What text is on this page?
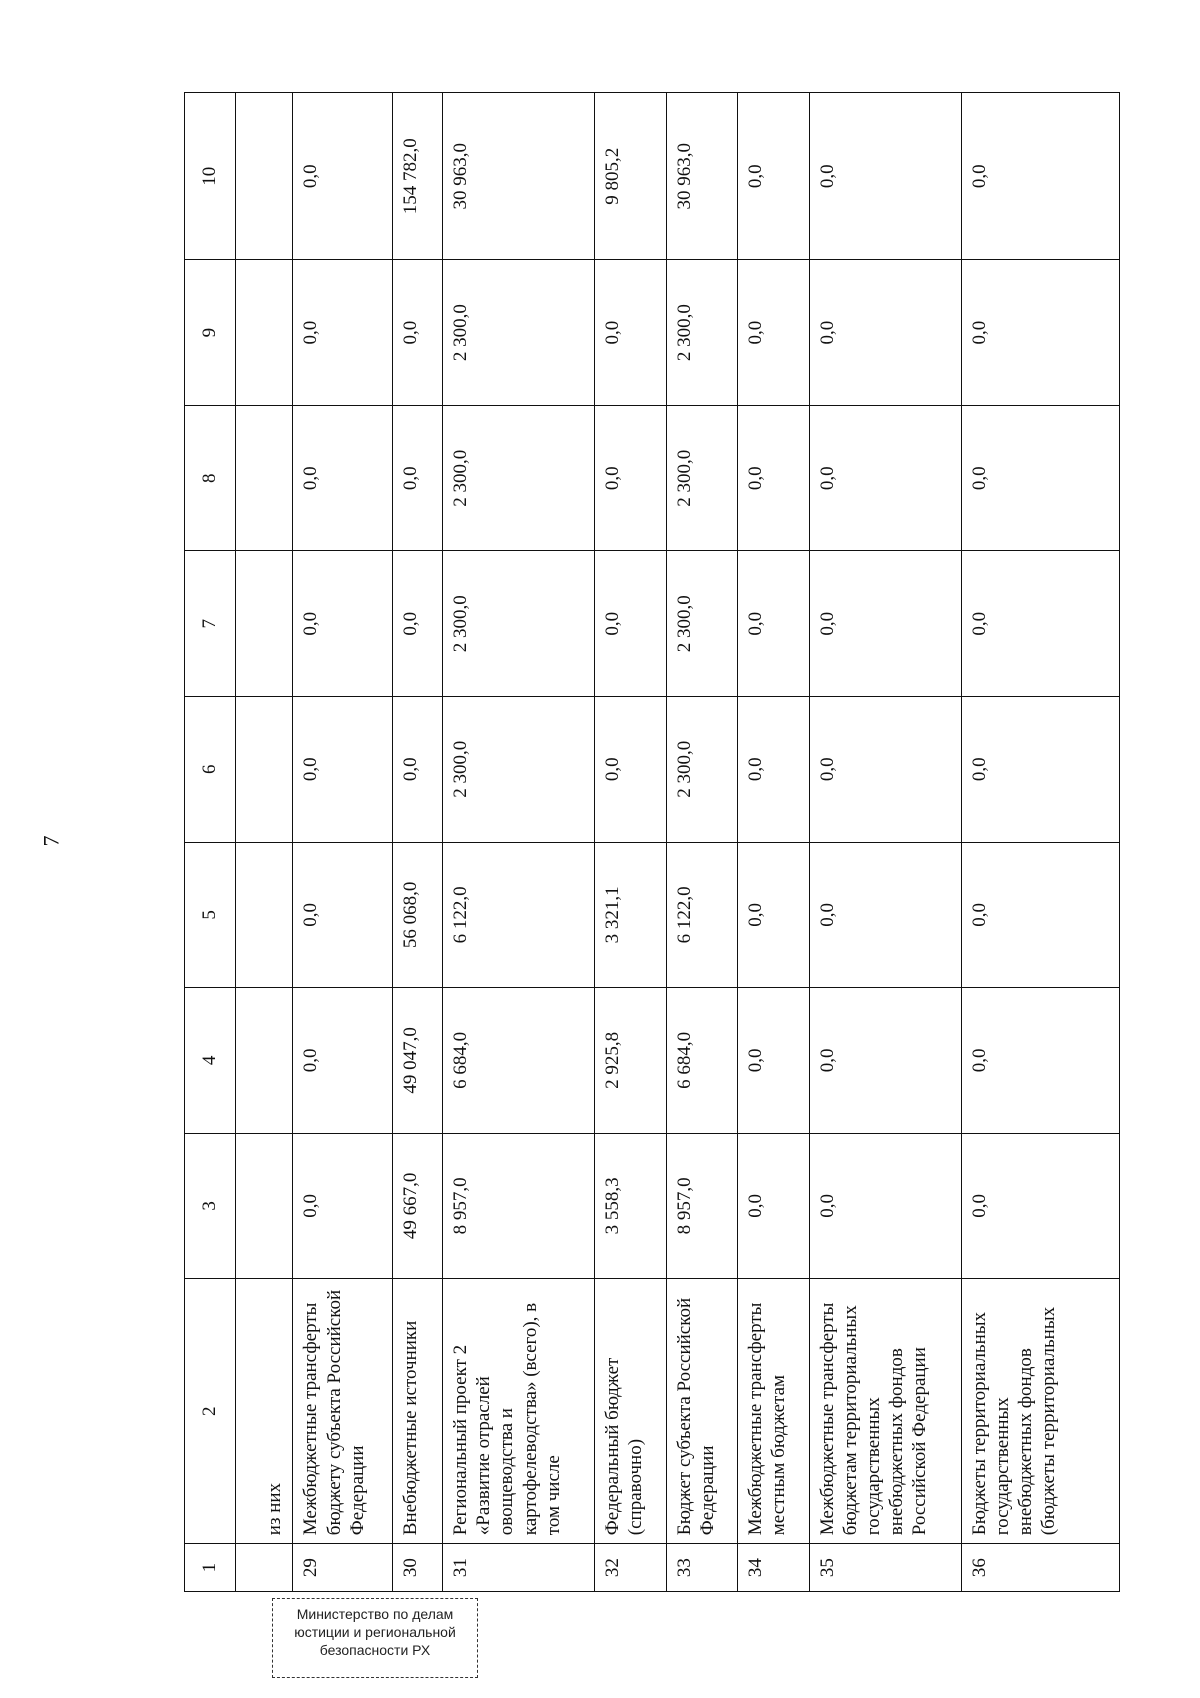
7
1	2	3	4	5	6	7	8	9	10
	из них								
29	Межбюджетные трансферты бюджету субъекта Российской Федерации	0,0	0,0	0,0	0,0	0,0	0,0	0,0	0,0
30	Внебюджетные источники	49 667,0	49 047,0	56 068,0	0,0	0,0	0,0	0,0	154 782,0
31	Региональный проект 2 «Развитие отраслей овощеводства и картофелеводства» (всего), в том числе	8 957,0	6 684,0	6 122,0	2 300,0	2 300,0	2 300,0	2 300,0	30 963,0
32	Федеральный бюджет (справочно)	3 558,3	2 925,8	3 321,1	0,0	0,0	0,0	0,0	9 805,2
33	Бюджет субъекта Российской Федерации	8 957,0	6 684,0	6 122,0	2 300,0	2 300,0	2 300,0	2 300,0	30 963,0
34	Межбюджетные трансферты местным бюджетам	0,0	0,0	0,0	0,0	0,0	0,0	0,0	0,0
35	Межбюджетные трансферты бюджетам территориальных государственных внебюджетных фондов Российской Федерации	0,0	0,0	0,0	0,0	0,0	0,0	0,0	0,0
36	Бюджеты территориальных государственных внебюджетных фондов (бюджеты территориальных	0,0	0,0	0,0	0,0	0,0	0,0	0,0	0,0
Министерство по делам
юстиции и региональной
безопасности РХ
